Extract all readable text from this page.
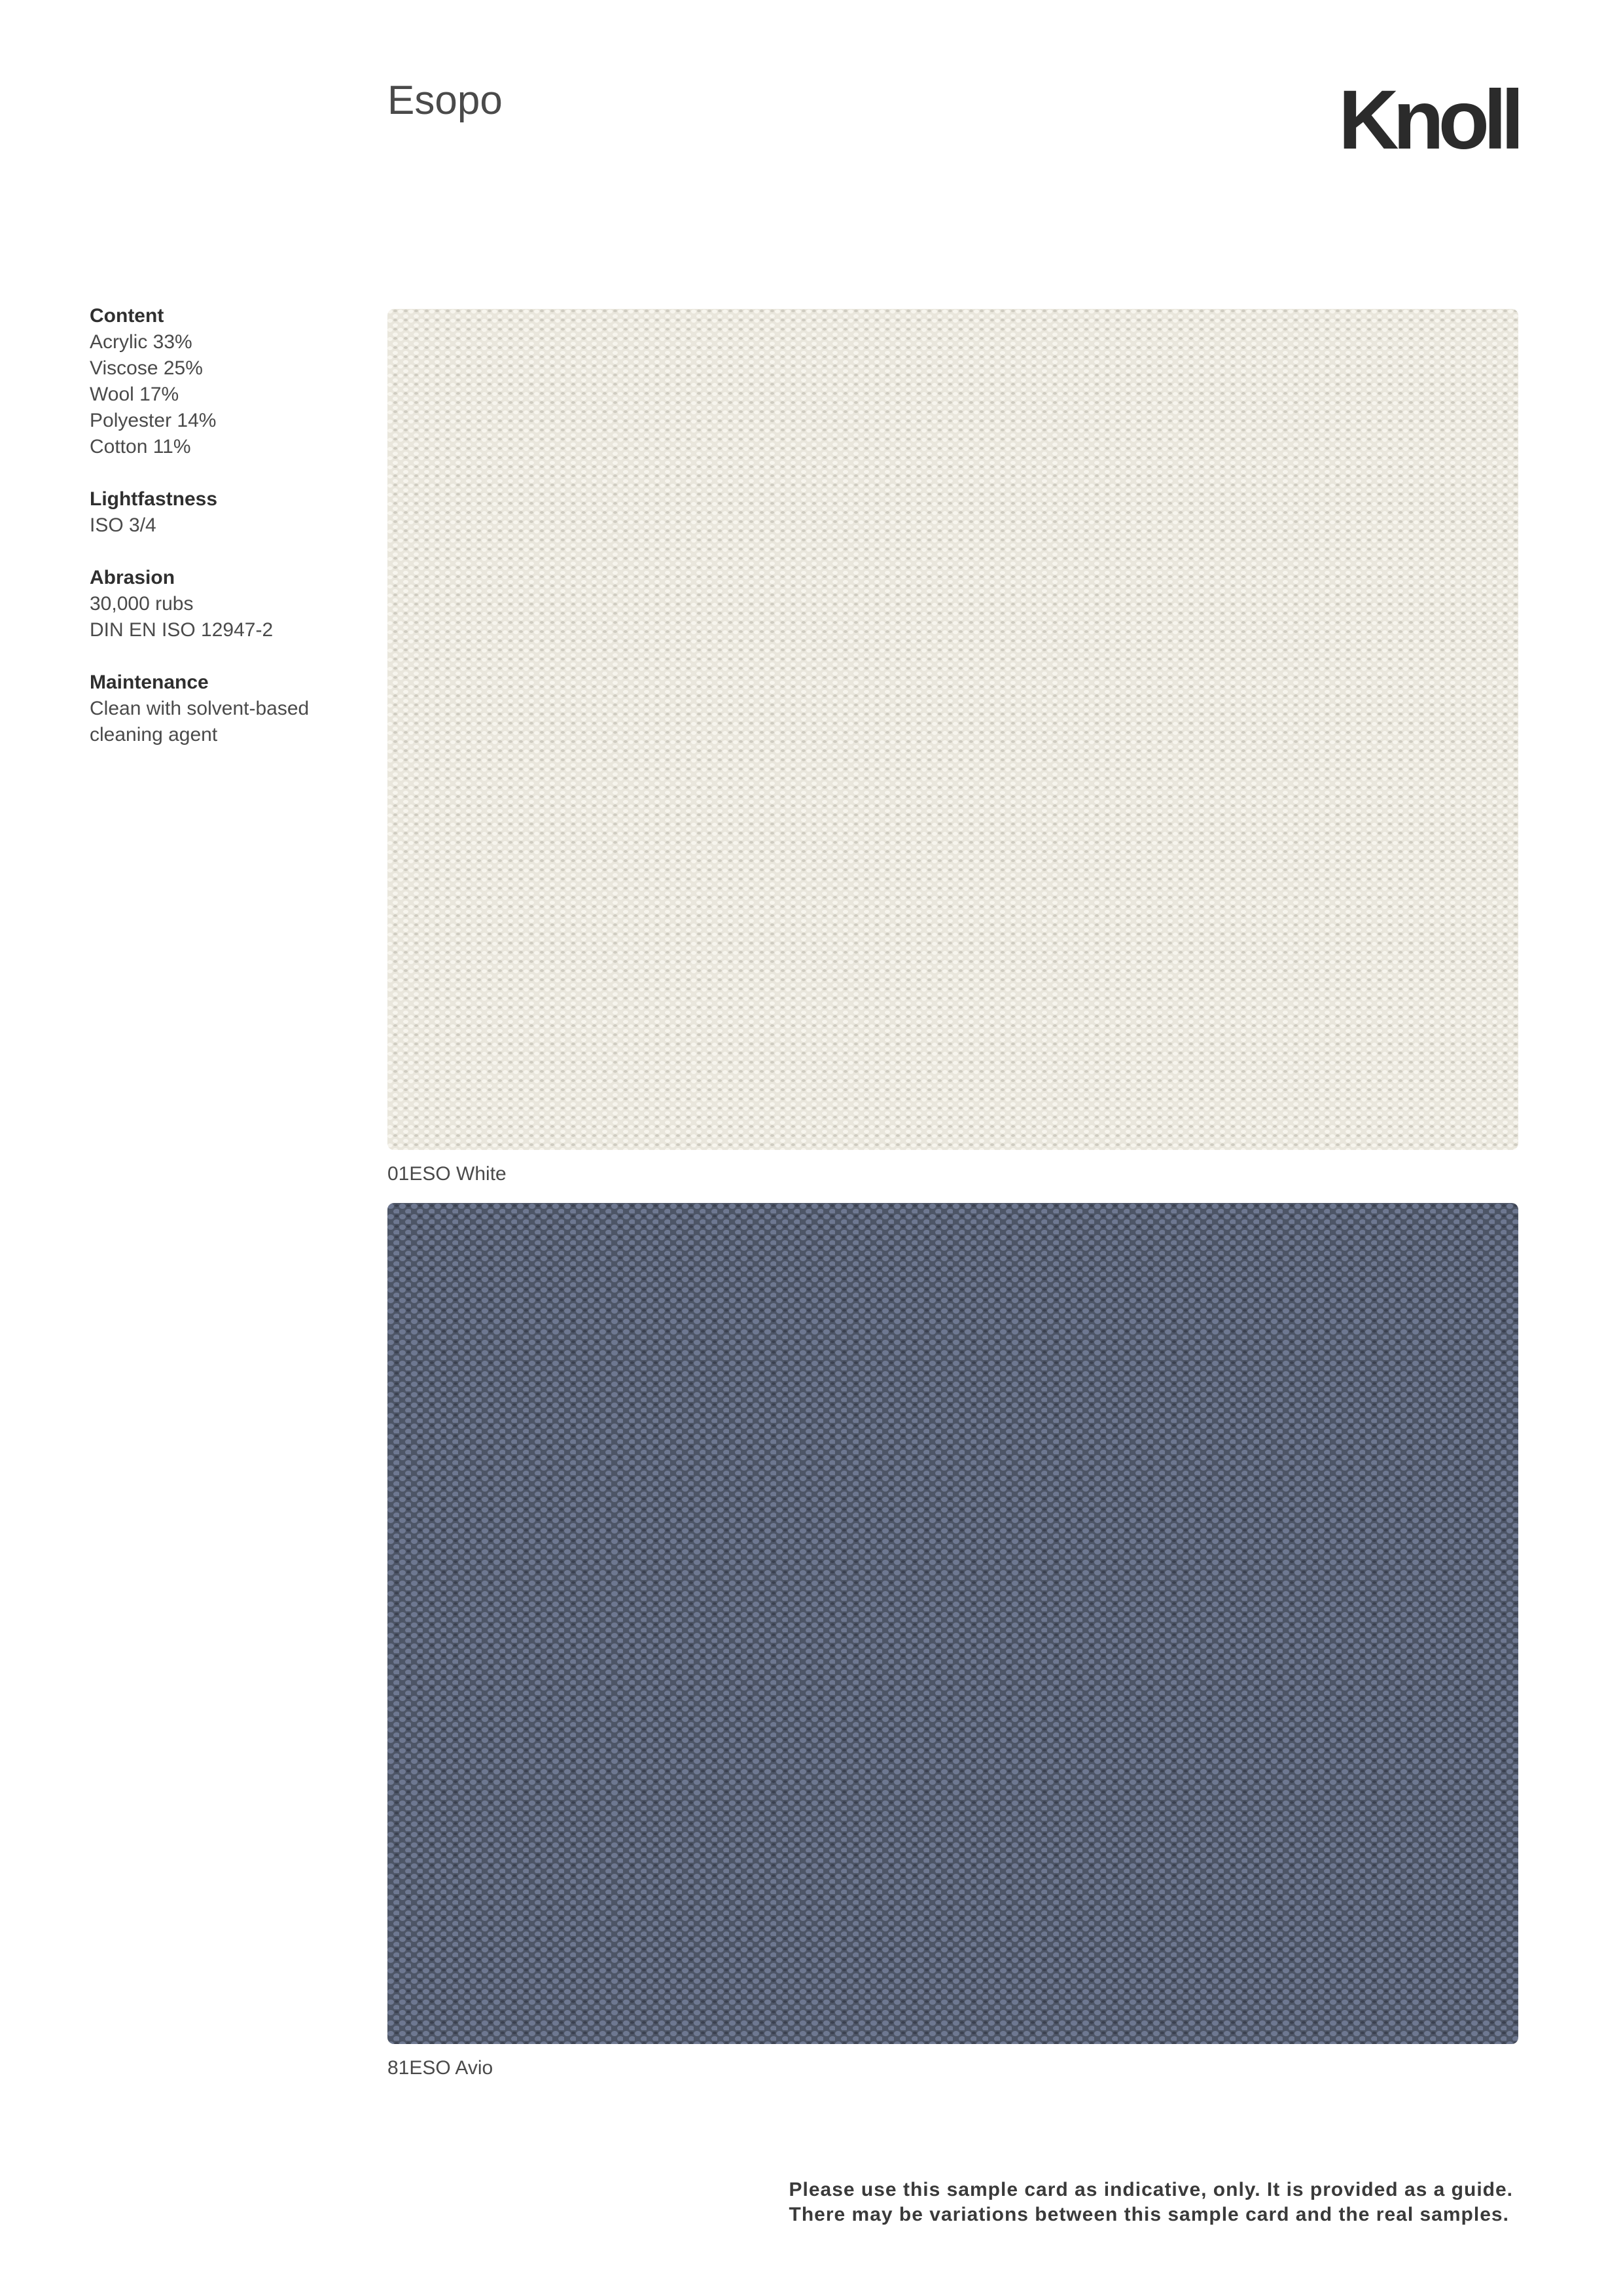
Esopo	Knoll
Content
Acrylic 33%
Viscose 25%
Wool 17%
Polyester 14%
Cotton 11%
Lightfastness
ISO 3/4
Abrasion
30,000 rubs
DIN EN ISO 12947-2
Maintenance
Clean with solvent-based
cleaning agent
01ESO White
81ESO Avio
Please use this sample card as indicative, only. It is provided as a guide.
There may be variations between this sample card and the real samples.
